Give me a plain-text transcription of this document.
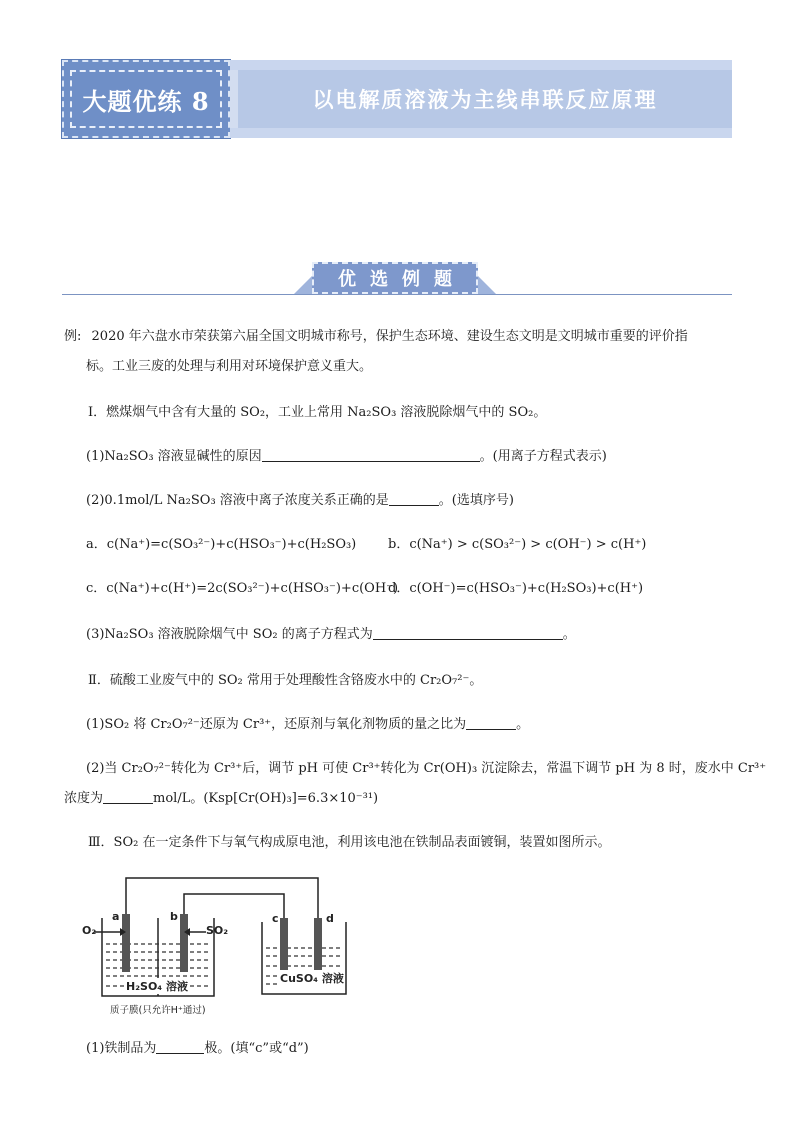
大题优练 8	以电解质溶液为主线串联反应原理
优选例题
例: 2020 年六盘水市荣获第六届全国文明城市称号，保护生态环境、建设生态文明是文明城市重要的评价指
标。工业三废的处理与利用对环境保护意义重大。
Ⅰ．燃煤烟气中含有大量的 SO₂，工业上常用 Na₂SO₃ 溶液脱除烟气中的 SO₂。
(1)Na₂SO₃ 溶液显碱性的原因	。(用离子方程式表示)
(2)0.1mol/L Na₂SO₃ 溶液中离子浓度关系正确的是	。(选填序号)
a．c(Na⁺)=c(SO₃²⁻)+c(HSO₃⁻)+c(H₂SO₃) b．c(Na⁺) > c(SO₃²⁻) > c(OH⁻) > c(H⁺)
c．c(Na⁺)+c(H⁺)=2c(SO₃²⁻)+c(HSO₃⁻)+c(OH⁻)
d．c(OH⁻)=c(HSO₃⁻)+c(H₂SO₃)+c(H⁺)
(3)Na₂SO₃ 溶液脱除烟气中 SO₂ 的离子方程式为	。
Ⅱ．硫酸工业废气中的 SO₂ 常用于处理酸性含铬废水中的 Cr₂O₇²⁻。
(1)SO₂ 将 Cr₂O₇²⁻还原为 Cr³⁺，还原剂与氧化剂物质的量之比为	。
(2)当 Cr₂O₇²⁻转化为 Cr³⁺后，调节 pH 可使 Cr³⁺转化为 Cr(OH)₃ 沉淀除去，常温下调节 pH 为 8 时，废水中 Cr³⁺
浓度为	mol/L。(Ksp[Cr(OH)₃]=6.3×10⁻³¹)
Ⅲ．SO₂ 在一定条件下与氧气构成原电池，利用该电池在铁制品表面镀铜，装置如图所示。
a	b	c	d
O₂	SO₂
H₂SO₄ 溶液
CuSO₄ 溶液
质子膜(只允许H⁺通过)
(1)铁制品为	极。(填“c”或“d”)
